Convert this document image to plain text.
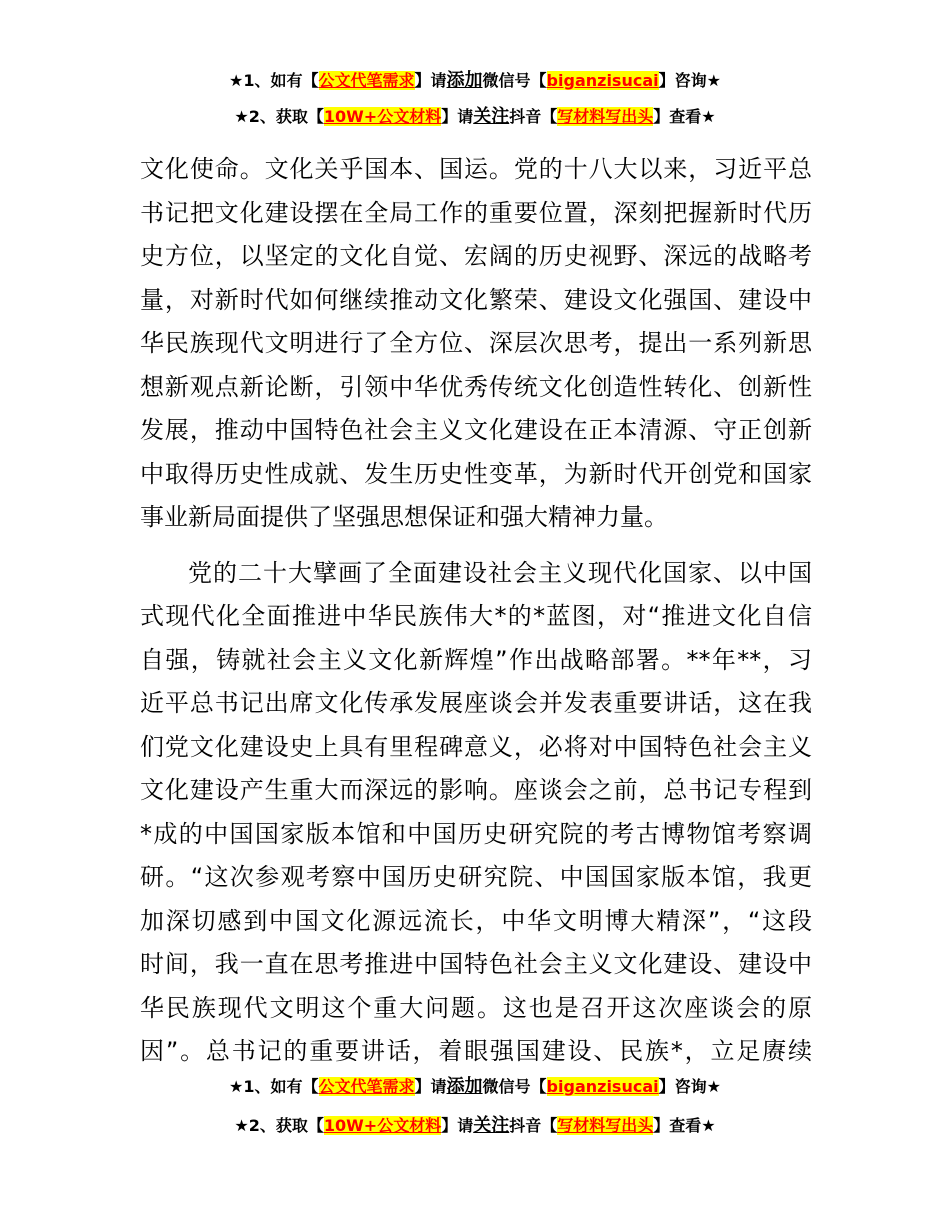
★1、如有【公文代笔需求】请添加微信号【biganzisucai】咨询★
★2、获取【10W+公文材料】请关注抖音【写材料写出头】查看★

文化使命。文化关乎国本、国运。党的十八大以来，习近平总
书记把文化建设摆在全局工作的重要位置，深刻把握新时代历
史方位，以坚定的文化自觉、宏阔的历史视野、深远的战略考
量，对新时代如何继续推动文化繁荣、建设文化强国、建设中
华民族现代文明进行了全方位、深层次思考，提出一系列新思
想新观点新论断，引领中华优秀传统文化创造性转化、创新性
发展，推动中国特色社会主义文化建设在正本清源、守正创新
中取得历史性成就、发生历史性变革，为新时代开创党和国家
事业新局面提供了坚强思想保证和强大精神力量。

党的二十大擘画了全面建设社会主义现代化国家、以中国
式现代化全面推进中华民族伟大*的*蓝图，对“推进文化自信
自强，铸就社会主义文化新辉煌”作出战略部署。**年**，习
近平总书记出席文化传承发展座谈会并发表重要讲话，这在我
们党文化建设史上具有里程碑意义，必将对中国特色社会主义
文化建设产生重大而深远的影响。座谈会之前，总书记专程到
*成的中国国家版本馆和中国历史研究院的考古博物馆考察调
研。“这次参观考察中国历史研究院、中国国家版本馆，我更
加深切感到中国文化源远流长，中华文明博大精深”，“这段
时间，我一直在思考推进中国特色社会主义文化建设、建设中
华民族现代文明这个重大问题。这也是召开这次座谈会的原
因”。总书记的重要讲话，着眼强国建设、民族*，立足赓续

★1、如有【公文代笔需求】请添加微信号【biganzisucai】咨询★
★2、获取【10W+公文材料】请关注抖音【写材料写出头】查看★
